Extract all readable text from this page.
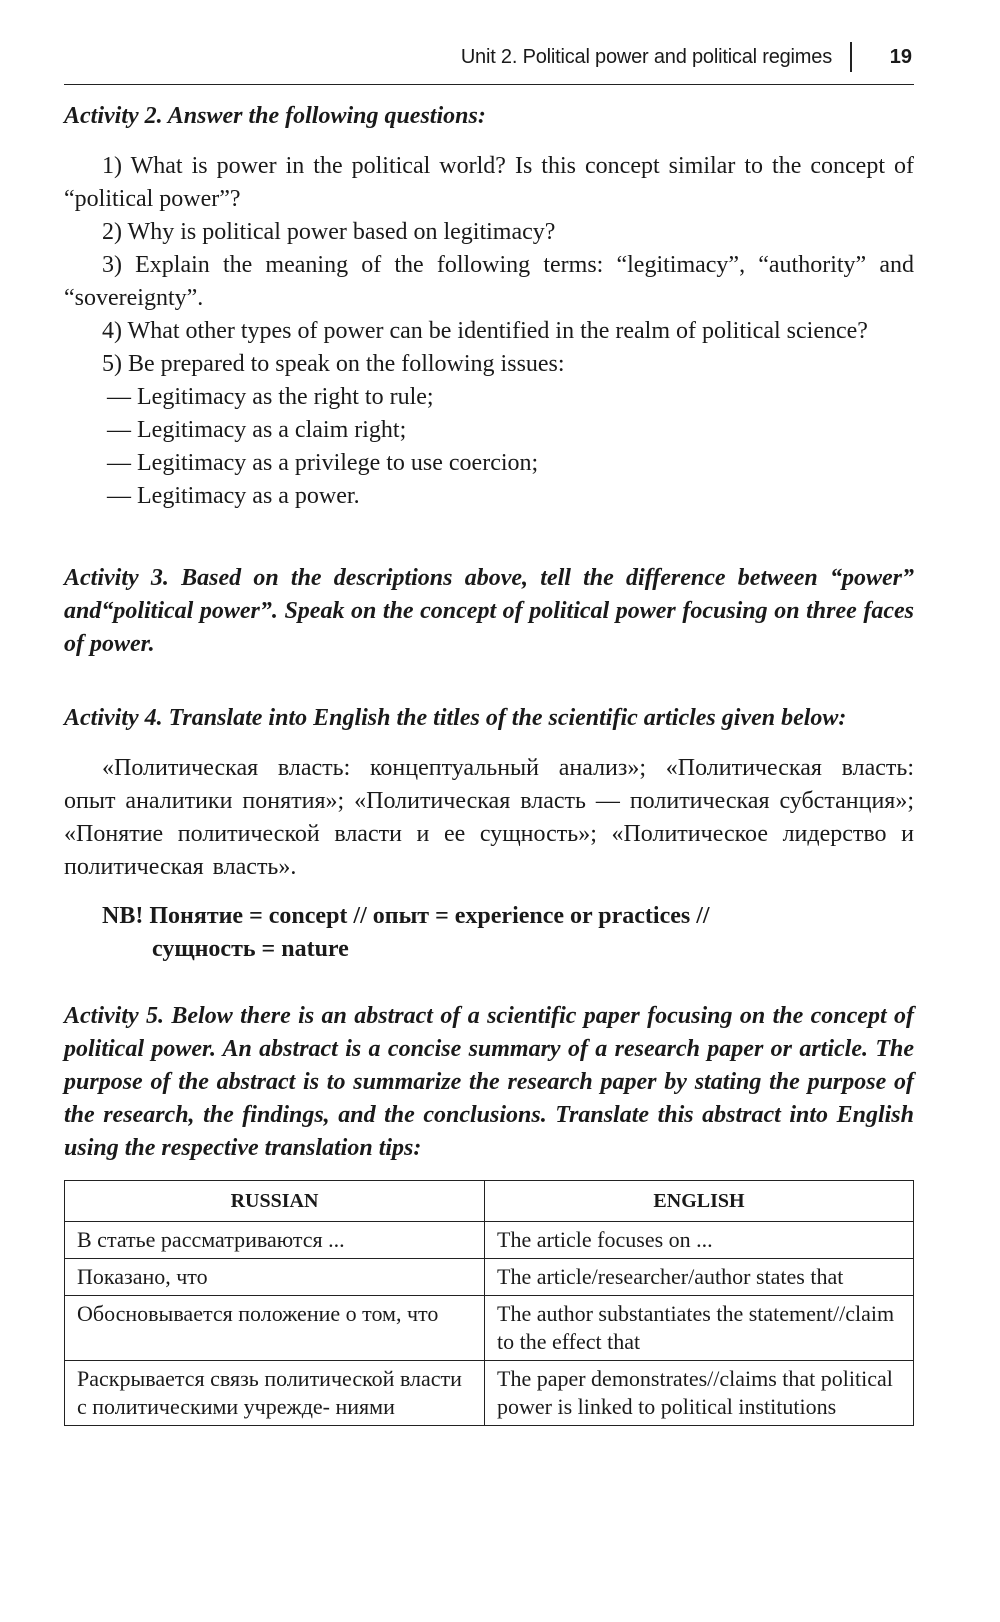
Unit 2. Political power and political regimes	19

Activity 2. Answer the following questions:

1) What is power in the political world? Is this concept similar to the concept of “political power”?

2) Why is political power based on legitimacy?

3) Explain the meaning of the following terms: “legitimacy”, “authority” and “sovereignty”.

4) What other types of power can be identified in the realm of political science?

5) Be prepared to speak on the following issues:

— Legitimacy as the right to rule;

— Legitimacy as a claim right;

— Legitimacy as a privilege to use coercion;

— Legitimacy as a power.

Activity 3. Based on the descriptions above, tell the difference between “power” and“political power”. Speak on the concept of political power focusing on three faces of power.

Activity 4. Translate into English the titles of the scientific articles given below:

«Политическая власть: концептуальный анализ»; «Политическая власть: опыт аналитики понятия»; «Политическая власть — политическая субстанция»; «Понятие политической власти и ее сущность»; «Политическое лидерство и политическая власть».

NB! Понятие = concept // опыт = experience or practices //
сущность = nature

Activity 5. Below there is an abstract of a scientific paper focusing on the concept of political power. An abstract is a concise summary of a research paper or article. The purpose of the abstract is to summarize the research paper by stating the purpose of the research, the findings, and the conclusions. Translate this abstract into English using the respective translation tips:

RUSSIAN	ENGLISH
В статье рассматриваются ...	The article focuses on ...
Показано, что	The article/researcher/author states that
Обосновывается положение о том, что	The author substantiates the statement//claim to the effect that
Раскрывается связь политической власти с политическими учрежде- ниями	The paper demonstrates//claims that political power is linked to political institutions
